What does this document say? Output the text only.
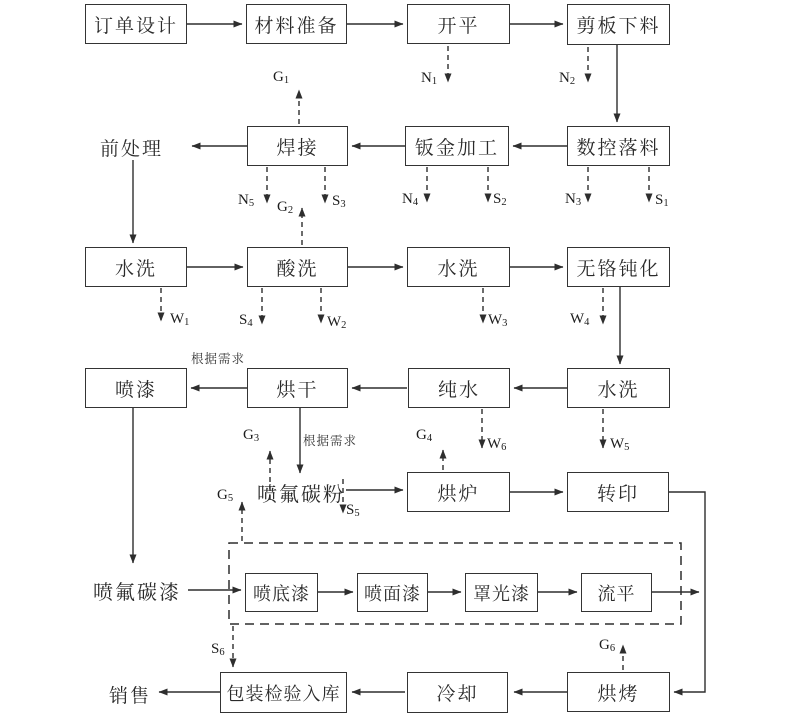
订单设计	材料准备	开平	剪板下料
数控落料
钣金加工
焊接
水洗	酸洗	水洗	无铬钝化
喷漆	烘干	纯水	水洗
烘炉	转印
喷底漆	喷面漆	罩光漆	流平
烘烤
冷却
包装检验入库
前处理
喷氟碳粉
喷氟碳漆
销售
根据需求
根据需求
$G_1$	$N_1$	$N_2$
$N_5$ $G_2$
$S_3$	$N_4$	$S_2$	$N_3$	$S_1$
$W_1$	$S_4$	$W_2$	$W_3$	$W_4$
$G_3$	$G_4$	$W_6$	$W_5$
$G_5$
$S_5$
$G_6$
$S_6$
